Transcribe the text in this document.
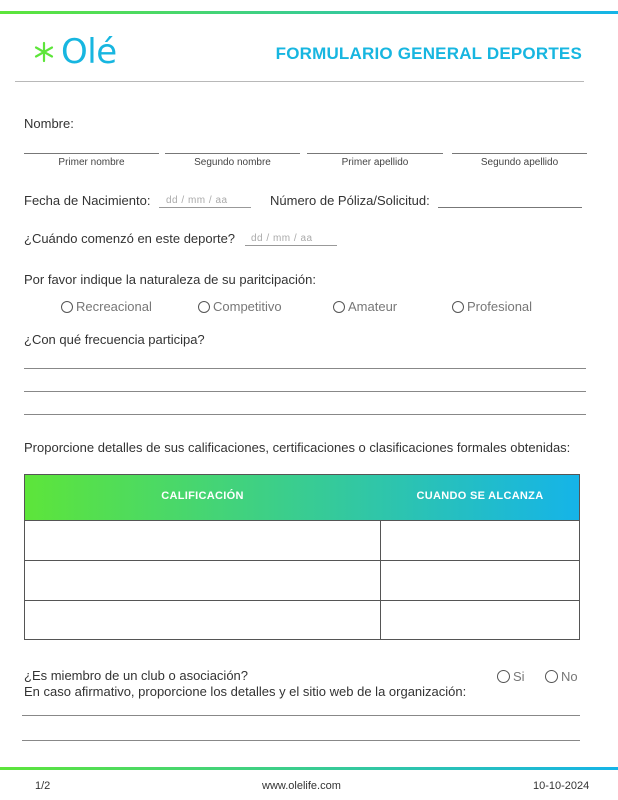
Olé	FORMULARIO GENERAL DEPORTES
Nombre:
Primer nombre	Segundo nombre	Primer apellido	Segundo apellido
Fecha de Nacimiento: dd / mm / aa	Número de Póliza/Solicitud:
¿Cuándo comenzó en este deporte? dd / mm / aa
Por favor indique la naturaleza de su paritcipación:
Recreacional	Competitivo	Amateur	Profesional
¿Con qué frecuencia participa?
Proporcione detalles de sus calificaciones, certificaciones o clasificaciones formales obtenidas:
CALIFICACIÓN	CUANDO SE ALCANZA
¿Es miembro de un club o asociación?
En caso afirmativo, proporcione los detalles y el sitio web de la organización:
Si	No
1/2	www.olelife.com	10-10-2024
